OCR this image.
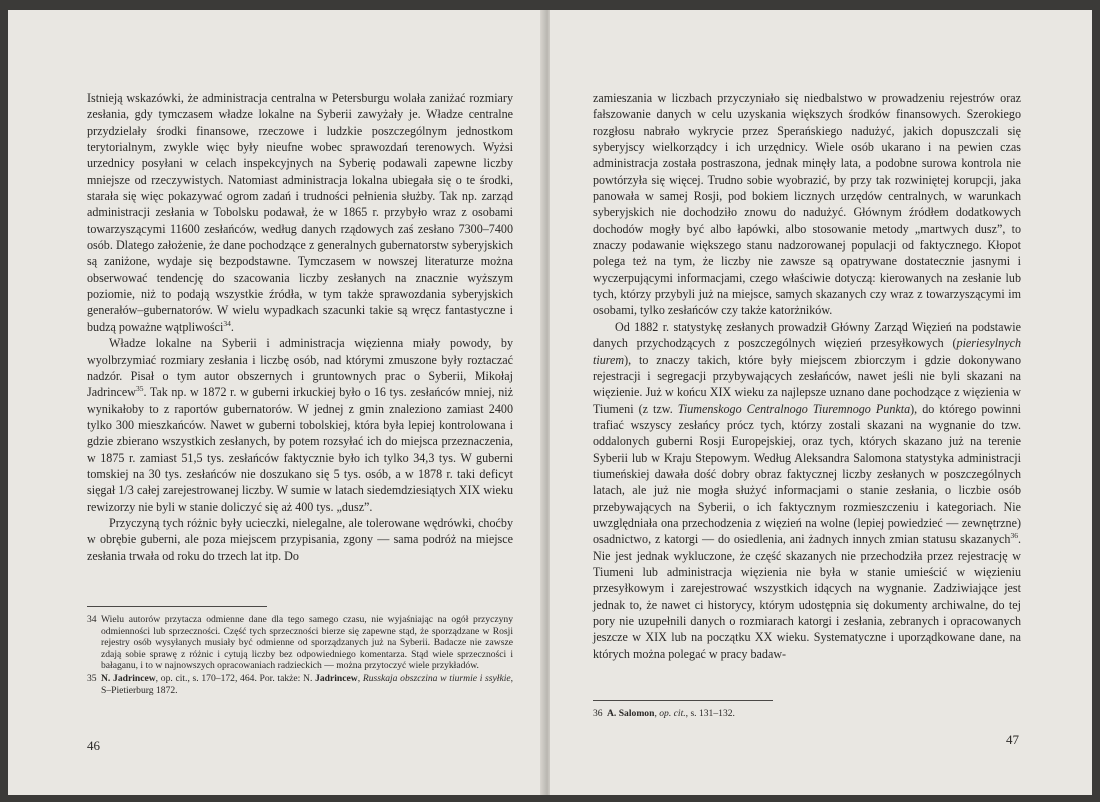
Istnieją wskazówki, że administracja centralna w Petersburgu wolała zaniżać rozmiary zesłania, gdy tymczasem władze lokalne na Syberii zawyżały je. Władze centralne przydzielały środki finansowe, rzeczowe i ludzkie poszczególnym jednostkom terytorialnym, zwykle więc były nieufne wobec sprawozdań terenowych. Wyżsi urzednicy posyłani w celach inspekcyjnych na Syberię podawali zapewne liczby mniejsze od rzeczywistych. Natomiast administracja lokalna ubiegała się o te środki, starała się więc pokazywać ogrom zadań i trudności pełnienia służby. Tak np. zarząd administracji zesłania w Tobolsku podawał, że w 1865 r. przybyło wraz z osobami towarzyszącymi 11600 zesłańców, według danych rządowych zaś zesłano 7300–7400 osób. Dlatego założenie, że dane pochodzące z generalnych gubernatorstw syberyjskich są zaniżone, wydaje się bezpodstawne. Tymczasem w nowszej literaturze można obserwować tendencję do szacowania liczby zesłanych na znacznie wyższym poziomie, niż to podają wszystkie źródła, w tym także sprawozdania syberyjskich generałów–gubernatorów. W wielu wypadkach szacunki takie są wręcz fantastyczne i budzą poważne wątpliwości$^{34}$.

Władze lokalne na Syberii i administracja więzienna miały powody, by wyolbrzymiać rozmiary zesłania i liczbę osób, nad którymi zmuszone były roztaczać nadzór. Pisał o tym autor obszernych i gruntownych prac o Syberii, Mikołaj Jadrincew$^{35}$. Tak np. w 1872 r. w guberni irkuckiej było o 16 tys. zesłańców mniej, niż wynikałoby to z raportów gubernatorów. W jednej z gmin znaleziono zamiast 2400 tylko 300 mieszkańców. Nawet w guberni tobolskiej, która była lepiej kontrolowana i gdzie zbierano wszystkich zesłanych, by potem rozsyłać ich do miejsca przeznaczenia, w 1875 r. zamiast 51,5 tys. zesłańców faktycznie było ich tylko 34,3 tys. W guberni tomskiej na 30 tys. zesłańców nie doszukano się 5 tys. osób, a w 1878 r. taki deficyt sięgał 1/3 całej zarejestrowanej liczby. W sumie w latach siedemdziesiątych XIX wieku rewizorzy nie byli w stanie doliczyć się aż 400 tys. „dusz”.

Przyczyną tych różnic były ucieczki, nielegalne, ale tolerowane wędrówki, choćby w obrębie guberni, ale poza miejscem przypisania, zgony — sama podróż na miejsce zesłania trwała od roku do trzech lat itp. Do

34 Wielu autorów przytacza odmienne dane dla tego samego czasu, nie wyjaśniając na ogół przyczyny odmienności lub sprzeczności. Część tych sprzeczności bierze się zapewne stąd, że sporządzane w Rosji rejestry osób wysyłanych musiały być odmienne od sporządzanych już na Syberii. Badacze nie zawsze zdają sobie sprawę z różnic i cytują liczby bez odpowiedniego komentarza. Stąd wiele sprzeczności i bałaganu, i to w najnowszych opracowaniach radzieckich — można przytoczyć wiele przykładów.
35 N. Jadrincew, op. cit., s. 170–172, 464. Por. także: N. Jadrincew, Russkaja obszczina w tiurmie i ssyłkie, S–Pietierburg 1872.
46

zamieszania w liczbach przyczyniało się niedbalstwo w prowadzeniu rejestrów oraz fałszowanie danych w celu uzyskania większych środków finansowych. Szerokiego rozgłosu nabrało wykrycie przez Sperańskiego nadużyć, jakich dopuszczali się syberyjscy wielkorządcy i ich urzędnicy. Wiele osób ukarano i na pewien czas administracja została postraszona, jednak minęły lata, a podobne surowa kontrola nie powtórzyła się więcej. Trudno sobie wyobrazić, by przy tak rozwiniętej korupcji, jaka panowała w samej Rosji, pod bokiem licznych urzędów centralnych, w warunkach syberyjskich nie dochodziło znowu do nadużyć. Głównym źródłem dodatkowych dochodów mogły być albo łapówki, albo stosowanie metody „martwych dusz”, to znaczy podawanie większego stanu nadzorowanej populacji od faktycznego. Kłopot polega też na tym, że liczby nie zawsze są opatrywane dostatecznie jasnymi i wyczerpującymi informacjami, czego właściwie dotyczą: kierowanych na zesłanie lub tych, którzy przybyli już na miejsce, samych skazanych czy wraz z towarzyszącymi im osobami, tylko zesłańców czy także katorżników.

Od 1882 r. statystykę zesłanych prowadził Główny Zarząd Więzień na podstawie danych przychodzących z poszczególnych więzień przesyłkowych (pieriesylnych tiurem), to znaczy takich, które były miejscem zbiorczym i gdzie dokonywano rejestracji i segregacji przybywających zesłańców, nawet jeśli nie byli skazani na więzienie. Już w końcu XIX wieku za najlepsze uznano dane pochodzące z więzienia w Tiumeni (z tzw. Tiumenskogo Centralnogo Tiuremnogo Punkta), do którego powinni trafiać wszyscy zesłańcy prócz tych, którzy zostali skazani na wygnanie do tzw. oddalonych guberni Rosji Europejskiej, oraz tych, których skazano już na terenie Syberii lub w Kraju Stepowym. Według Aleksandra Salomona statystyka administracji tiumeńskiej dawała dość dobry obraz faktycznej liczby zesłanych w poszczególnych latach, ale już nie mogła służyć informacjami o stanie zesłania, o liczbie osób przebywających na Syberii, o ich faktycznym rozmieszczeniu i kategoriach. Nie uwzględniała ona przechodzenia z więzień na wolne (lepiej powiedzieć — zewnętrzne) osadnictwo, z katorgi — do osiedlenia, ani żadnych innych zmian statusu skazanych$^{36}$. Nie jest jednak wykluczone, że część skazanych nie przechodziła przez rejestrację w Tiumeni lub administracja więzienia nie była w stanie umieścić w więzieniu przesyłkowym i zarejestrować wszystkich idących na wygnanie. Zadziwiające jest jednak to, że nawet ci historycy, którym udostępnia się dokumenty archiwalne, do tej pory nie uzupełnili danych o rozmiarach katorgi i zesłania, zebranych i opracowanych jeszcze w XIX lub na początku XX wieku. Systematyczne i uporządkowane dane, na których można polegać w pracy badaw-

36 A. Salomon, op. cit., s. 131–132.
47
